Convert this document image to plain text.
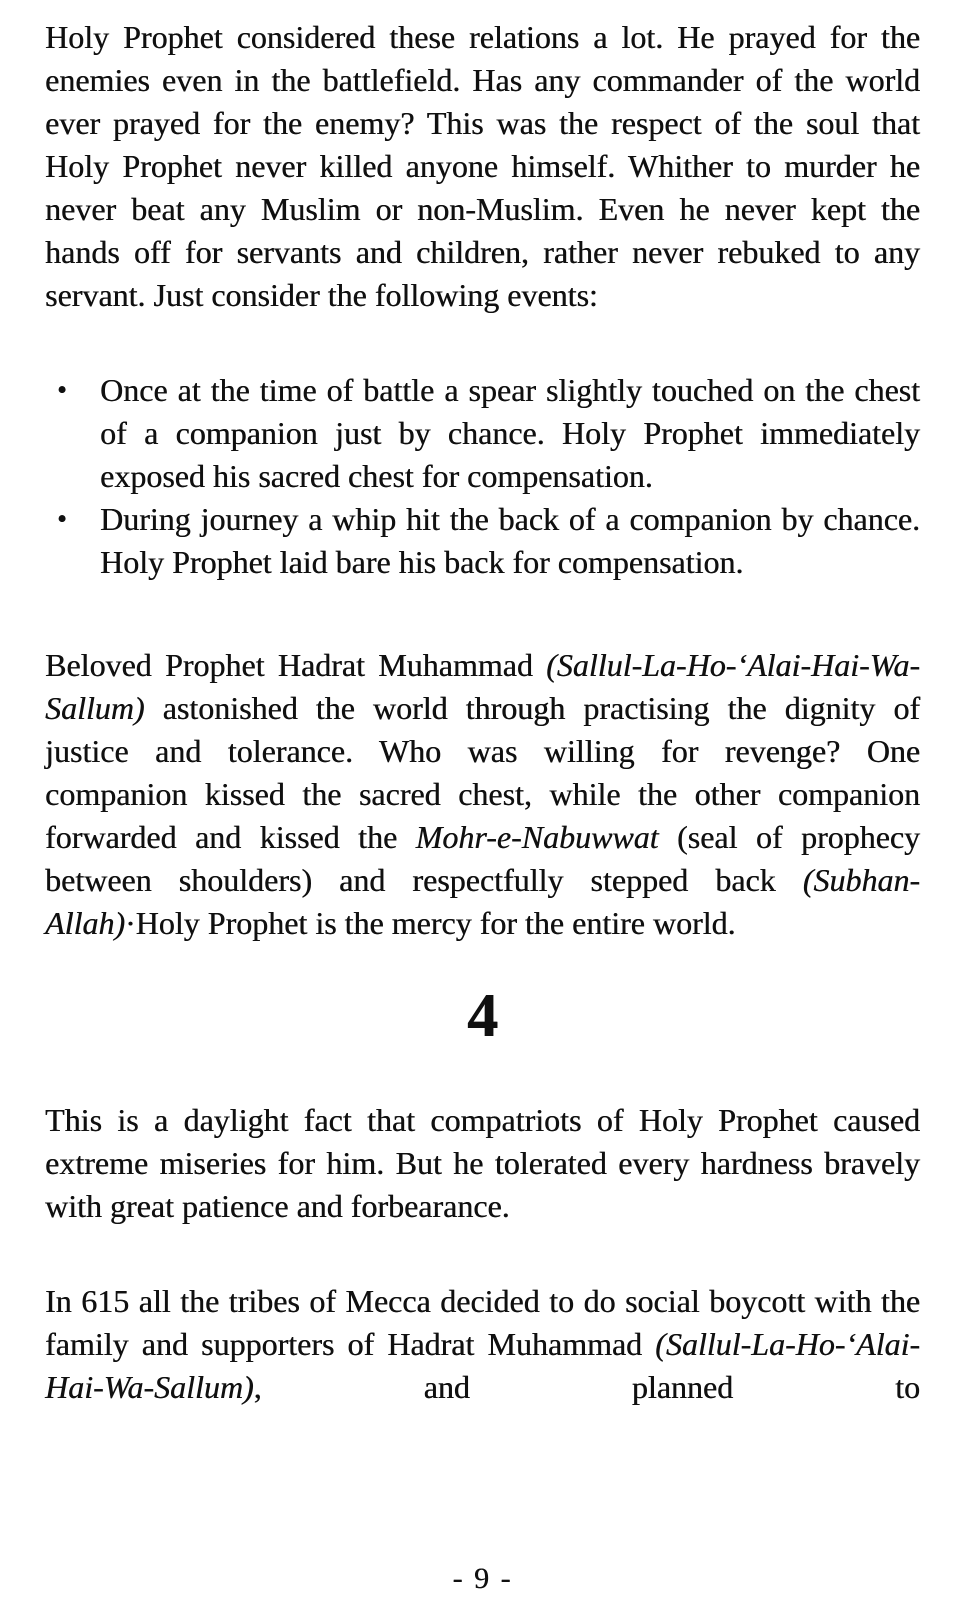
Holy Prophet considered these relations a lot. He prayed for the enemies even in the battlefield. Has any commander of the world ever prayed for the enemy? This was the respect of the soul that Holy Prophet never killed anyone himself. Whither to murder he never beat any Muslim or non-Muslim. Even he never kept the hands off for servants and children, rather never rebuked to any servant. Just consider the following events:

•	Once at the time of battle a spear slightly touched on the chest of a companion just by chance. Holy Prophet immediately exposed his sacred chest for compensation.
•	During journey a whip hit the back of a companion by chance. Holy Prophet laid bare his back for compensation.

Beloved Prophet Hadrat Muhammad (Sallul-La-Ho-‘Alai-Hai-Wa-Sallum) astonished the world through practising the dignity of justice and tolerance. Who was willing for revenge? One companion kissed the sacred chest, while the other companion forwarded and kissed the Mohr-e-Nabuwwat (seal of prophecy between shoulders) and respectfully stepped back (Subhan-Allah)·Holy Prophet is the mercy for the entire world.

4

This is a daylight fact that compatriots of Holy Prophet caused extreme miseries for him. But he tolerated every hardness bravely with great patience and forbearance.

In 615 all the tribes of Mecca decided to do social boycott with the family and supporters of Hadrat Muhammad (Sallul-La-Ho-‘Alai-Hai-Wa-Sallum), and planned to

- 9 -
